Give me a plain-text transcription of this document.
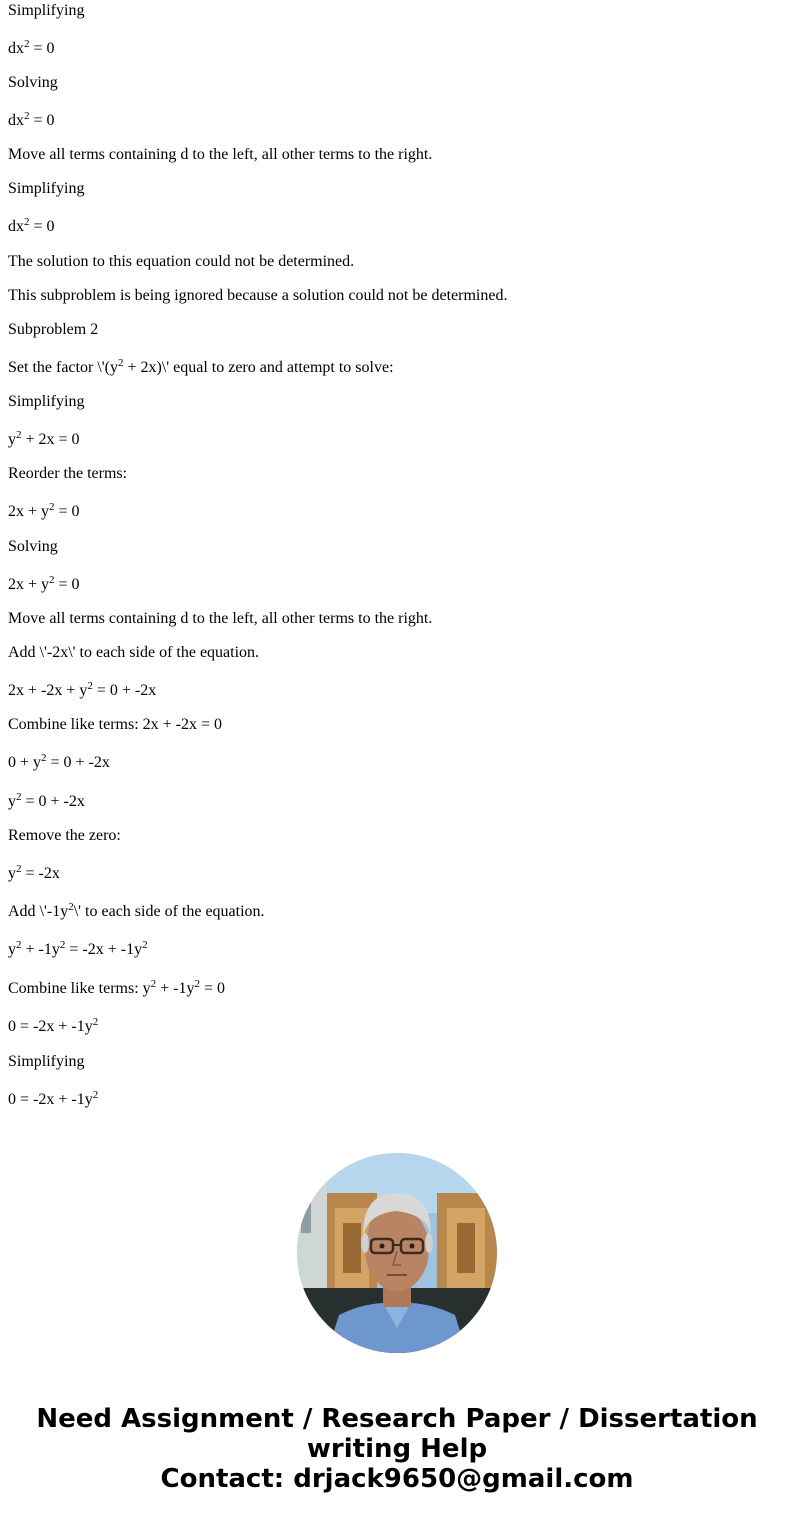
Simplifying
$dx^2 = 0$
Solving
$dx^2 = 0$
Move all terms containing d to the left, all other terms to the right.
Simplifying
$dx^2 = 0$
The solution to this equation could not be determined.
This subproblem is being ignored because a solution could not be determined.
Subproblem 2
Set the factor $\backslash'(y^2$ + 2x)\' equal to zero and attempt to solve:
Simplifying
$y^2 + 2x = 0$
Reorder the terms:
$2x + y^2 = 0$
Solving
$2x + y^2 = 0$
Move all terms containing d to the left, all other terms to the right.
Add \'-2x\' to each side of the equation.
$2x + -2x + y^2 = 0 + -2x$
Combine like terms: 2x + -2x = 0
$0 + y^2 = 0 + -2x$
$y^2 = 0 + -2x$
Remove the zero:
$y^2 = -2x$
Add $\backslash'-1y^2\backslash'$ to each side of the equation.
$y^2 + -1y^2 = -2x + -1y^2$
Combine like terms: $y^2 + -1y^2 = 0$
$0 = -2x + -1y^2$
Simplifying
$0 = -2x + -1y^2$
Need Assignment / Research Paper / Dissertation
writing Help
Contact: drjack9650@gmail.com
